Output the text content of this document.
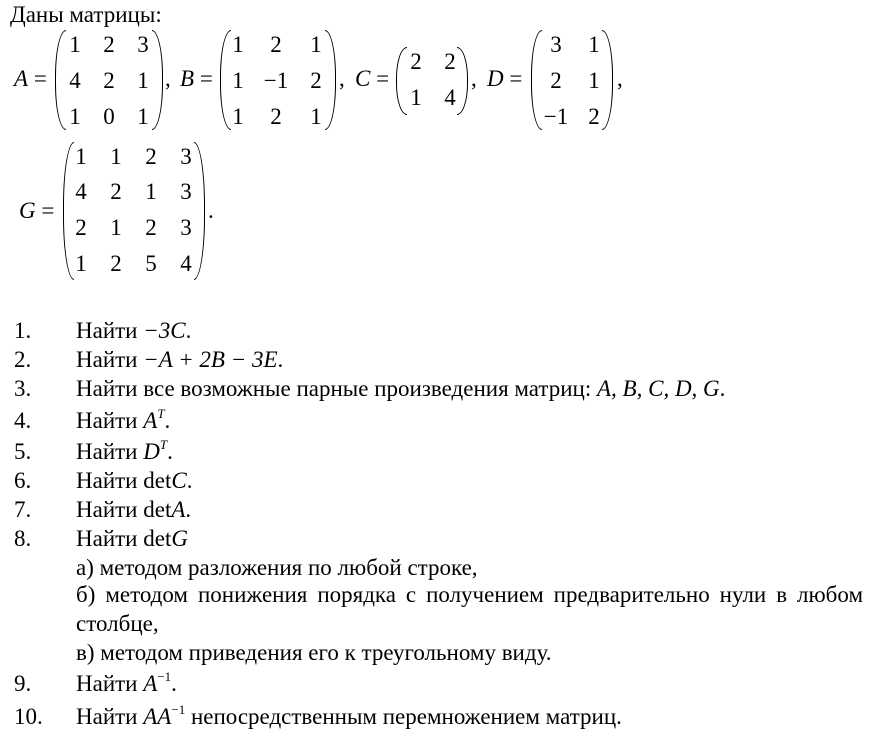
Даны матрицы:
A =
1 2 3
4 2 1
1 0 1
, B =
1 2 1
1 −1 2
1 2 1
, C =
2 2
1 4
, D =
3 1
2 1
−1 2
,
G =
1 1 2 3
4 2 1 3
2 1 2 3
1 2 5 4
.
1. Найти −3C.
2. Найти −A + 2B − 3E.
3. Найти все возможные парные произведения матриц: A, B, C, D, G.
4. Найти $A^T$.
5. Найти $D^T$.
6. Найти detC.
7. Найти detA.
8. Найти detG
а) методом разложения по любой строке,
б) методом понижения порядка с получением предварительно нули в любом столбце,
в) методом приведения его к треугольному виду.
9. Найти $A^{-1}$.
10. Найти $AA^{-1}$ непосредственным перемножением матриц.
